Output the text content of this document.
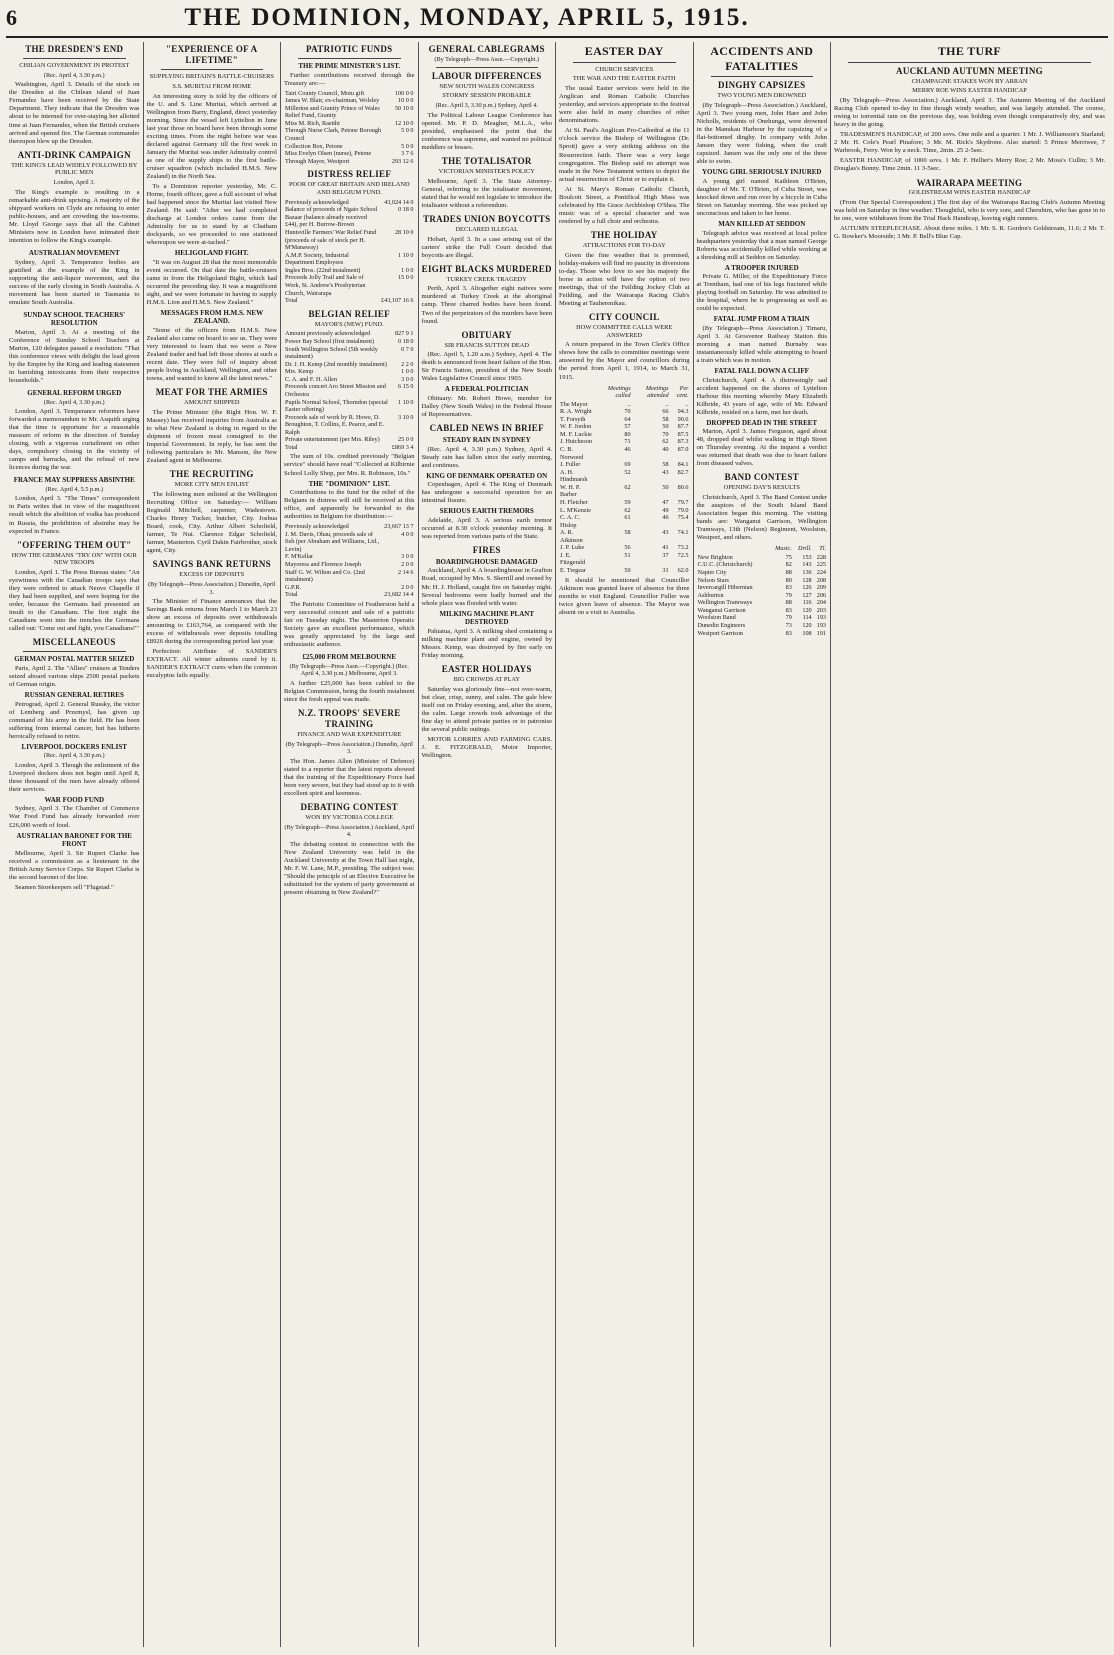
6	THE DOMINION, MONDAY, APRIL 5, 1915.
THE DRESDEN'S END
CHILIAN GOVERNMENT IN PROTEST
(Rec. April 4, 3.30 p.m.)

Washington, April 3. Details of the stock on the Dresden at the Chilean island of Juan Fernandez have been received by the State Department. They indicate that the Dresden was about to be interned for over-staying her allotted time at Juan Fernandez, when the British cruisers arrived and opened fire. The German commander thereupon blew up the Dresden.

ANTI-DRINK CAMPAIGN
THE KING'S LEAD WIDELY FOLLOWED BY PUBLIC MEN
London, April 3.

The King's example is resulting in a remarkable anti-drink uprising. A majority of the shipyard workers on Clyde are refusing to enter public-houses, and are crowding the tea-rooms. Mr. Lloyd George says that all the Cabinet Ministers now in London have intimated their intention to follow the King's example.

AUSTRALIAN MOVEMENT

Sydney, April 3. Temperance bodies are gratified at the example of the King in supporting the anti-liquor movement, and the success of the early closing in South Australia. A movement has been started in Tasmania to emulate South Australia.

SUNDAY SCHOOL TEACHERS' RESOLUTION

Marton, April 3. At a meeting of the Conference of Sunday School Teachers at Marton, 120 delegates passed a resolution: "That this conference views with delight the lead given by the Empire by the King and leading statesmen in banishing intoxicants from their respective households."

GENERAL REFORM URGED
(Rec. April 4, 3.30 p.m.)

London, April 3. Temperance reformers have forwarded a memorandum to Mr. Asquith urging that the time is opportune for a reasonable measure of reform in the direction of Sunday closing, with a vigorous curtailment on other days, compulsory closing in the vicinity of camps and barracks, and the refusal of new licences during the war.

FRANCE MAY SUPPRESS ABSINTHE
(Rec. April 4, 5.5 p.m.)

London, April 3. "The Times" correspondent in Paris writes that in view of the magnificent result which the abolition of vodka has produced in Russia, the prohibition of absinthe may be expected in France.

"OFFERING THEM OUT"
HOW THE GERMANS "TRY ON" WITH OUR NEW TROOPS

London, April 1. The Press Bureau states: "An eyewitness with the Canadian troops says that they were ordered to attack Neuve Chapelle if they had been supplied, and were hoping for the order, because the Germans had presented an insult to the Canadians. The first night the Canadians went into the trenches the Germans called out: 'Come out and fight, you Canadians!'"

MISCELLANEOUS
GERMAN POSTAL MATTER SEIZED

Paris, April 2. The "Allies" cruisers at Tenders seized aboard various ships 2500 postal packets of German origin.

RUSSIAN GENERAL RETIRES

Petrograd, April 2. General Russky, the victor of Lemberg and Przemysl, has given up command of his army in the field. He has been suffering from internal cancer, but has hitherto heroically refused to retire.

LIVERPOOL DOCKERS ENLIST
(Rec. April 4, 3.30 p.m.)

London, April 3. Though the enlistment of the Liverpool dockers does not begin until April 8, three thousand of the men have already offered their services.

WAR FOOD FUND

Sydney, April 3. The Chamber of Commerce War Food Fund has already forwarded over £26,000 worth of food.

AUSTRALIAN BARONET FOR THE FRONT

Melbourne, April 3. Sir Rupert Clarke has received a commission as a lieutenant in the British Army Service Corps. Sir Rupert Clarke is the second baronet of the line.

Seamen Storekeepers sell "Flugstad."

"EXPERIENCE OF A LIFETIME"
SUPPLYING BRITAIN'S BATTLE-CRUISERS
S.S. MURITAI FROM HOME

An interesting story is told by the officers of the U. and S. Line Muritai, which arrived at Wellington from Barry, England, direct yesterday morning. Since the vessel left Lyttelton in June last year those on board have been through some exciting times. From the night before war was declared against Germany till the first week in January the Muritai was under Admiralty control as one of the supply ships to the first battle-cruiser squadron (which included H.M.S. New Zealand) in the North Sea.

To a Dominion reporter yesterday, Mr. C. Horne, fourth officer, gave a full account of what had happened since the Muritai last visited New Zealand. He said: "After we had completed discharge at London orders came from the Admiralty for us to stand by at Chatham dockyards, so we proceeded to one stationed whereupon we were at-tached."

HELIGOLAND FIGHT.

"It was on August 28 that the most memorable event occurred. On that date the battle-cruisers came in from the Heligoland Bight, which had occurred the preceding day. It was a magnificent sight, and we were fortunate in having to supply H.M.S. Lion and H.M.S. New Zealand."

MESSAGES FROM H.M.S. NEW ZEALAND.

"Some of the officers from H.M.S. New Zealand also came on board to see us. They were very interested to learn that we were a New Zealand trader and had left those shores at such a recent date. They were full of inquiry about people living in Auckland, Wellington, and other towns, and wanted to know all the latest news."

MEAT FOR THE ARMIES
AMOUNT SHIPPED

The Prime Minister (the Right Hon. W. F. Massey) has received inquiries from Australia as to what New Zealand is doing in regard to the shipment of frozen meat consigned to the Imperial Government. In reply, he has sent the following particulars to Mr. Manson, the New Zealand agent in Melbourne.

THE RECRUITING
MORE CITY MEN ENLIST

The following men enlisted at the Wellington Recruiting Office on Saturday:— William Reginald Mitchell, carpenter, Wadestown. Charles Henry Tucker, butcher, City. Joshua Board, cook, City. Arthur Albert Schofield, farmer, Te Nui. Clarence Edgar Schofield, farmer, Masterton. Cyril Dakin Fairbrother, stock agent, City.

SAVINGS BANK RETURNS
EXCESS OF DEPOSITS
(By Telegraph—Press Association.) Dunedin, April 3.

The Minister of Finance announces that the Savings Bank returns from March 1 to March 23 show an excess of deposits over withdrawals amounting to £163,764, as compared with the excess of withdrawals over deposits totalling £8926 during the corresponding period last year.

Perfection: Attribute of SANDER'S EXTRACT. All winter ailments cured by it. SANDER'S EXTRACT cures when the common eucalyptus fails equally.

PATRIOTIC FUNDS
THE PRIME MINISTER'S LIST.

Further contributions received through the Treasury are:—

Tairi County Council, Motu gift	100 0 0
James W. Blair, ex-chairman, Wolsley	10 0 0
Millerton and Granity Prince of Wales Relief Fund, Granity	50 10 0
Miss M. Rich, Raetihi	12 10 0
Through Nurse Clark, Petone Borough Council	5 0 0
Collection Box, Petone	5 0 0
Miss Evelyn Olsen (nurse), Petone	3 7 6
Through Mayor, Westport	293 12 6
DISTRESS RELIEF
POOR OF GREAT BRITAIN AND IRELAND AND BELGIUM FUND.
Previously acknowledged	43,024 14 0
Balance of proceeds of Ngaio School Bazaar (balance already received £44), per H. Burrow-Brown	0 18 0
Huntsville Farmers' War Relief Fund (proceeds of sale of stock per H. M'Manaway)	28 10 0
A.M.P. Society, Industrial Department Employees	1 10 0
Ingles Bros. (22nd instalment)	1 0 0
Proceeds Jolly Trail and Sale of Work, St. Andrew's Presbyterian Church, Wairarapa	15 0 0
Total	£43,107 16 6
BELGIAN RELIEF
MAYOR'S (NEW) FUND.
Amount previously acknowledged	827 9 1
Power Bay School (first instalment)	0 18 0
South Wellington School (5th weekly instalment)	0 7 0
Dr. J. H. Kemp (2nd monthly instalment)	2 2 0
Mrs. Kemp	1 0 0
C. A. and F. H. Allen	3 0 0
Proceeds concert Aro Street Mission and Orchestra	6 15 0
Pupils Normal School, Thorndon (special Easter offering)	1 10 0
Proceeds sale of work by R. Howe, D. Broughton, T. Collins, E. Pearce, and E. Ralph	3 10 0
Private entertainment (per Mrs. Riley)	25 0 0
Total	£869 3 4

The sum of 10s. credited previously "Belgian service" should have read "Collected at Kilbirnie School Lolly Shop, per Mrs. R. Robinson, 10s."

THE "DOMINION" LIST.

Contributions to the fund for the relief of the Belgians in distress will still be received at this office, and apparently be forwarded to the authorities in Belgium for distribution:—

Previously acknowledged	23,667 13 7
J. M. Davis, Ohau, proceeds sale of fish (per Abraham and Williams, Ltd., Levin)	4 0 0
F. M'Kellar	3 0 0
Mayoress and Florence Joseph	2 0 0
Staff G. W. Wilton and Co. (2nd instalment)	2 14 6
G.P.R.	2 0 0
Total	23,682 14 4

The Patriotic Committee of Featherston held a very successful concert and sale of a patriotic fair on Tuesday night. The Masterton Operatic Society gave an excellent performance, which was greatly appreciated by the large and enthusiastic audience.

£25,000 FROM MELBOURNE
(By Telegraph—Press Assn.—Copyright.) (Rec. April 4, 3.30 p.m.) Melbourne, April 3.

A further £25,000 has been cabled to the Belgian Commission, being the fourth instalment since the fresh appeal was made.

N.Z. TROOPS' SEVERE TRAINING
FINANCE AND WAR EXPENDITURE
(By Telegraph—Press Association.) Dunedin, April 3.

The Hon. James Allen (Minister of Defence) stated to a reporter that the latest reports showed that the training of the Expeditionary Force had been very severe, but they had stood up to it with excellent spirit and keenness.

DEBATING CONTEST
WON BY VICTORIA COLLEGE
(By Telegraph—Press Association.) Auckland, April 4.

The debating contest in connection with the New Zealand University was held in the Auckland University at the Town Hall last night, Mr. F. W. Lane, M.P., presiding. The subject was: "Should the principle of an Elective Executive be substituted for the system of party government at present obtaining in New Zealand?"

GENERAL CABLEGRAMS
(By Telegraph—Press Assn.—Copyright.)
LABOUR DIFFERENCES
NEW SOUTH WALES CONGRESS
STORMY SESSION PROBABLE
(Rec. April 3, 3.30 p.m.) Sydney, April 4.

The Political Labour League Conference has opened. Mr. P. D. Meagher, M.L.A., who presided, emphasised the point that the conference was supreme, and wanted no political meddlers or bosses.

THE TOTALISATOR
VICTORIAN MINISTER'S POLICY

Melbourne, April 3. The State Attorney-General, referring to the totalisator movement, stated that he would not legislate to introduce the totalisator without a referendum.

TRADES UNION BOYCOTTS
DECLARED ILLEGAL

Hobart, April 3. In a case arising out of the carters' strike the Full Court decided that boycotts are illegal.

EIGHT BLACKS MURDERED
TURKEY CREEK TRAGEDY

Perth, April 3. Altogether eight natives were murdered at Turkey Creek at the aboriginal camp. Three charred bodies have been found. Two of the perpetrators of the murders have been found.

OBITUARY
SIR FRANCIS SUTTON DEAD

(Rec. April 5, 1.20 a.m.) Sydney, April 4. The death is announced from heart failure of the Hon. Sir Francis Sutton, president of the New South Wales Legislative Council since 1903.

A FEDERAL POLITICIAN

Obituary: Mr. Robert Howe, member for Dalley (New South Wales) in the Federal House of Representatives.

CABLED NEWS IN BRIEF
STEADY RAIN IN SYDNEY

(Rec. April 4, 3.30 p.m.) Sydney, April 4. Steady rain has fallen since the early morning, and continues.

KING OF DENMARK OPERATED ON

Copenhagen, April 4. The King of Denmark has undergone a successful operation for an intestinal fissure.

SERIOUS EARTH TREMORS

Adelaide, April 3. A serious earth tremor occurred at 8.30 o'clock yesterday morning. It was reported from various parts of the State.

FIRES
BOARDINGHOUSE DAMAGED

Auckland, April 4. A boardinghouse in Grafton Road, occupied by Mrs. S. Sherrill and owned by Mr. H. J. Holland, caught fire on Saturday night. Several bedrooms were badly burned and the whole place was flooded with water.

MILKING MACHINE PLANT DESTROYED

Pahiatua, April 3. A milking shed containing a milking machine plant and engine, owned by Messrs. Kemp, was destroyed by fire early on Friday morning.

EASTER HOLIDAYS
BIG CROWDS AT PLAY

Saturday was gloriously fine—not over-warm, but clear, crisp, sunny, and calm. The gale blew itself out on Friday evening, and, after the storm, the calm. Large crowds took advantage of the fine day to attend private parties or to patronise the several public outings.

MOTOR LORRIES AND FARMING CARS. J. E. FITZGERALD, Motor Importer, Wellington.

EASTER DAY
CHURCH SERVICES
THE WAR AND THE EASTER FAITH

The usual Easter services were held in the Anglican and Roman Catholic Churches yesterday, and services appropriate to the festival were also held in many churches of other denominations.

At St. Paul's Anglican Pro-Cathedral at the 11 o'clock service the Bishop of Wellington (Dr. Sprott) gave a very striking address on the Resurrection faith. There was a very large congregation. The Bishop said no attempt was made in the New Testament writers to depict the actual resurrection of Christ or to explain it.

At St. Mary's Roman Catholic Church, Boulcott Street, a Pontifical High Mass was celebrated by His Grace Archbishop O'Shea. The music was of a special character and was rendered by a full choir and orchestra.

THE HOLIDAY
ATTRACTIONS FOR TO-DAY

Given the fine weather that is promised, holiday-makers will find no paucity in diversions to-day. Those who love to see his majesty the horse in action will have the option of two meetings, that of the Feilding Jockey Club at Feilding, and the Wairarapa Racing Club's Meeting at Tauherenikau.

CITY COUNCIL
HOW COMMITTEE CALLS WERE ANSWERED

A return prepared in the Town Clerk's Office shows how the calls to committee meetings were answered by the Mayor and councillors during the period from April 1, 1914, to March 31, 1915.

	Meetings called	Meetings attended	Per cent.
The Mayor	..	..	..
R. A. Wright	70	66	94.3
T. Forsyth	64	58	90.6
W. F. Jordon	57	50	87.7
M. F. Luckie	80	70	87.5
J. Hutcheson	71	62	87.3
C. B. Norwood	46	40	87.0
J. Fuller	69	58	84.1
A. H. Hindmarsh	52	43	82.7
W. H. P. Barber	62	50	80.6
H. Fletcher	59	47	79.7
L. M'Kenzie	62	49	79.0
C. A. C. Hislop	61	46	75.4
A. R. Atkinson	58	43	74.1
J. P. Luke	56	41	73.2
J. E. Fitzgerald	51	37	72.5
E. Tregear	50	31	62.0

It should be mentioned that Councillor Atkinson was granted leave of absence for three months to visit England. Councillor Fuller was twice given leave of absence. The Mayor was absent on a visit to Australia.

ACCIDENTS AND FATALITIES
DINGHY CAPSIZES
TWO YOUNG MEN DROWNED

(By Telegraph—Press Association.) Auckland, April 3. Two young men, John Hare and John Nicholls, residents of Onehunga, were drowned in the Manukau Harbour by the capsizing of a flat-bottomed dinghy. In company with John Jansen they were fishing, when the craft capsized. Jansen was the only one of the three able to swim.

YOUNG GIRL SERIOUSLY INJURED

A young girl named Kathleen O'Brien, daughter of Mr. T. O'Brien, of Cuba Street, was knocked down and run over by a bicycle in Cuba Street on Saturday morning. She was picked up unconscious and taken to her home.

MAN KILLED AT SEDDON

Telegraph advice was received at local police headquarters yesterday that a man named George Roberts was accidentally killed while working at a threshing mill at Seddon on Saturday.

A TROOPER INJURED

Private G. Miller, of the Expeditionary Force at Trentham, had one of his legs fractured while playing football on Saturday. He was admitted to the hospital, where he is progressing as well as could be expected.

FATAL JUMP FROM A TRAIN

(By Telegraph—Press Association.) Timaru, April 3. At Grosvenor Railway Station this morning a man named Burnaby was instantaneously killed while attempting to board a train which was in motion.

FATAL FALL DOWN A CLIFF

Christchurch, April 4. A distressingly sad accident happened on the shores of Lyttelton Harbour this morning whereby Mary Elizabeth Kilbride, 43 years of age, wife of Mr. Edward Kilbride, resided on a farm, met her death.

DROPPED DEAD IN THE STREET

Marton, April 3. James Ferguson, aged about 48, dropped dead whilst walking in High Street on Thursday evening. At the inquest a verdict was returned that death was due to heart failure from diseased valves.

BAND CONTEST
OPENING DAY'S RESULTS

Christchurch, April 3. The Band Contest under the auspices of the South Island Band Association began this morning. The visiting bands are: Wanganui Garrison, Wellington Tramways, 13th (Nelson) Regiment, Woolston, Westport, and others.

	Music.	Drill.	Tl.
New Brighton	75	153	228
C.U.C. (Christchurch)	82	143	225
Napier City	88	136	224
Nelson Stars	80	128	208
Invercargill Hibernian	83	126	209
Ashburton	79	127	206
Wellington Tramways	88	116	204
Wanganui Garrison	83	120	203
Woolston Band	79	114	193
Dunedin Engineers	73	120	193
Westport Garrison	83	108	191
THE TURF
AUCKLAND AUTUMN MEETING
CHAMPAGNE STAKES WON BY ARRAN
MERRY ROE WINS EASTER HANDICAP

(By Telegraph—Press Association.) Auckland, April 3. The Autumn Meeting of the Auckland Racing Club opened to-day in fine though windy weather, and was largely attended. The course, owing to torrential rain on the previous day, was holding even though comparatively dry, and was heavy in the going.

TRADESMEN'S HANDICAP, of 200 sovs. One mile and a quarter. 1 Mr. J. Williamson's Starland; 2 Mr. H. Cole's Pearl Pinafore; 3 Mr. M. Rick's Skydrone. Also started: 5 Prince Merriwee, 7 Warbrook, Ferry. Won by a neck. Time, 2min. 25 2-5sec.

EASTER HANDICAP, of 1000 sovs. 1 Mr. F. Hellier's Merry Roe; 2 Mr. Moss's Cullin; 3 Mr. Douglas's Bonny. Time 2min. 11 3-5sec.

WAIRARAPA MEETING
GOLDSTREAM WINS EASTER HANDICAP

(From Our Special Correspondent.) The first day of the Wairarapa Racing Club's Autumn Meeting was held on Saturday in fine weather. Thoughtful, who is very sore, and Cherubim, who has gone in to be one, were withdrawn from the Trial Hack Handicap, leaving eight runners.

AUTUMN STEEPLECHASE. About three miles. 1 Mr. S. R. Gordon's Goldstream, 11.6; 2 Mr. T. G. Bowker's Moorside; 3 Mr. P. Bell's Blue Cap.
